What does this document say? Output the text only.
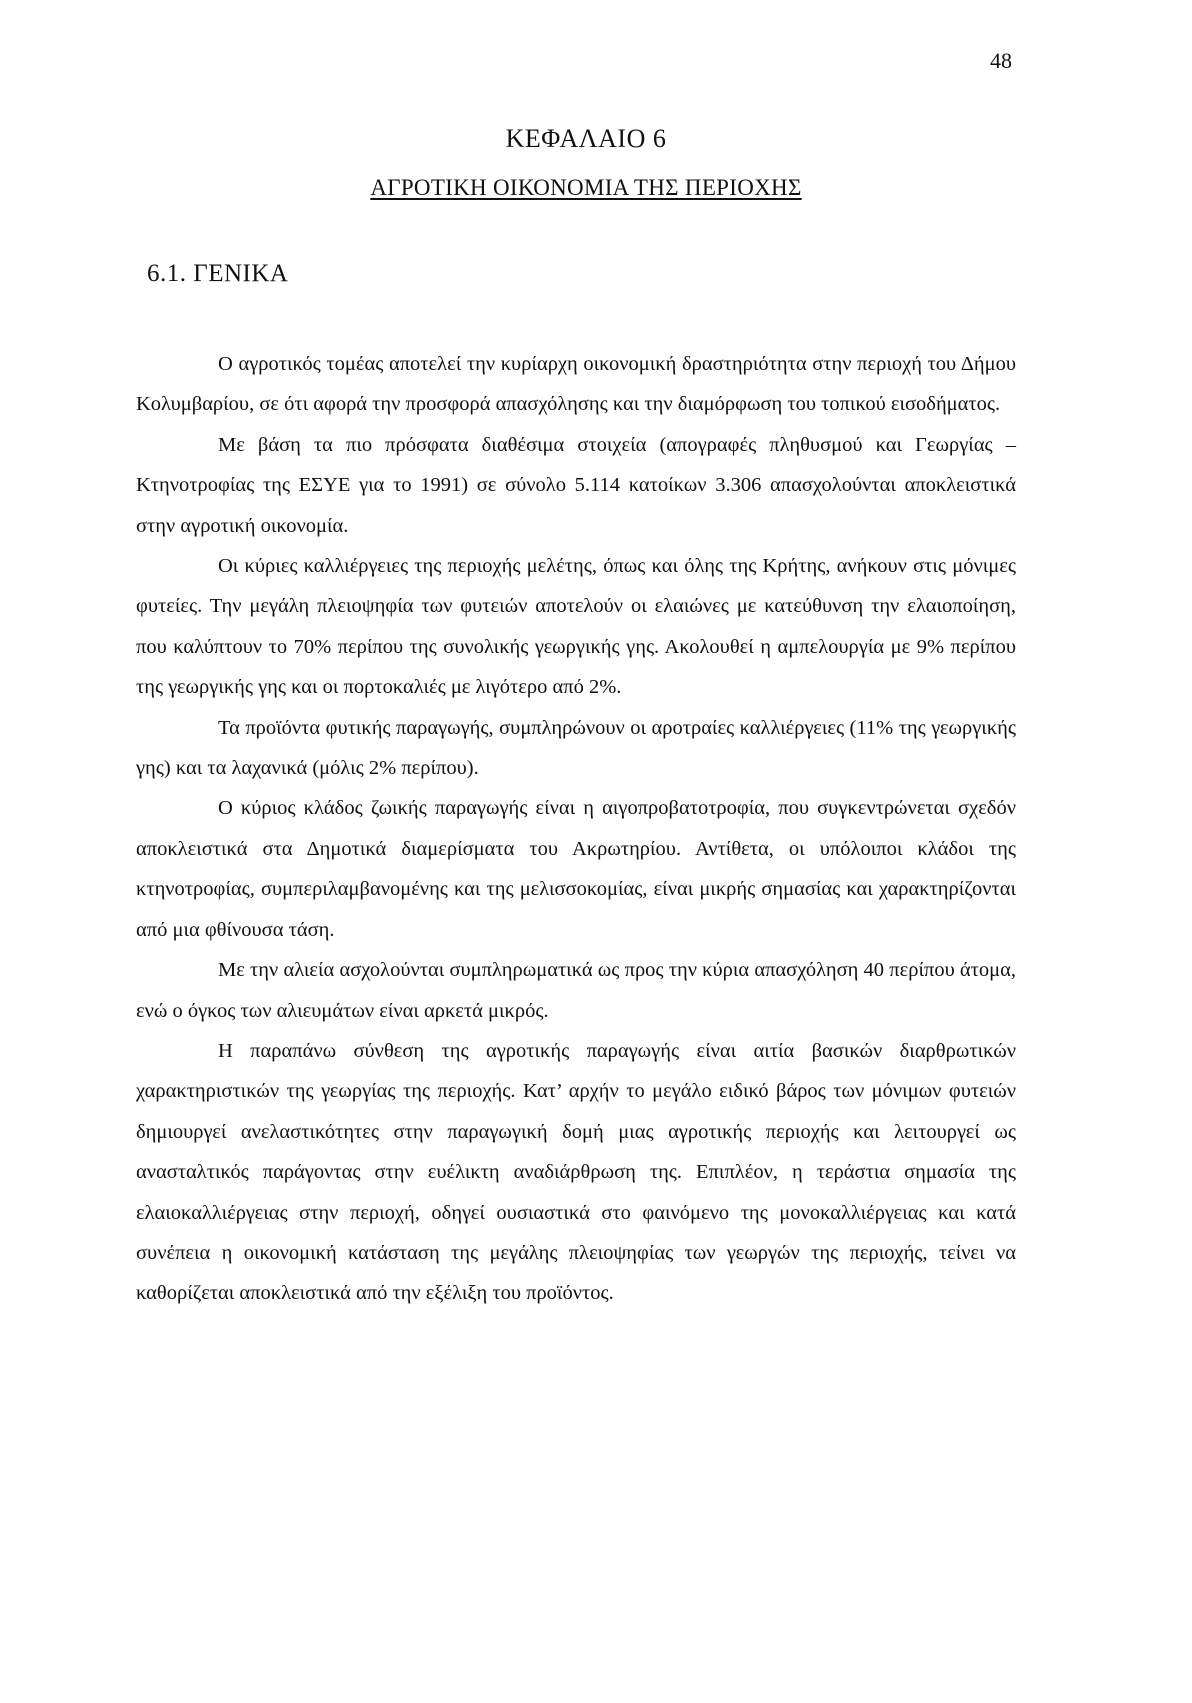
48
ΚΕΦΑΛΑΙΟ 6
ΑΓΡΟΤΙΚΗ ΟΙΚΟΝΟΜΙΑ ΤΗΣ ΠΕΡΙΟΧΗΣ
6.1. ΓΕΝΙΚΑ

Ο αγροτικός τομέας αποτελεί την κυρίαρχη οικονομική δραστηριότητα στην περιοχή του Δήμου Κολυμβαρίου, σε ότι αφορά την προσφορά απασχόλησης και την διαμόρφωση του τοπικού εισοδήματος.

Με βάση τα πιο πρόσφατα διαθέσιμα στοιχεία (απογραφές πληθυσμού και Γεωργίας – Κτηνοτροφίας της ΕΣΥΕ για το 1991) σε σύνολο 5.114 κατοίκων 3.306 απασχολούνται αποκλειστικά στην αγροτική οικονομία.

Οι κύριες καλλιέργειες της περιοχής μελέτης, όπως και όλης της Κρήτης, ανήκουν στις μόνιμες φυτείες. Την μεγάλη πλειοψηφία των φυτειών αποτελούν οι ελαιώνες με κατεύθυνση την ελαιοποίηση, που καλύπτουν το 70% περίπου της συνολικής γεωργικής γης. Ακολουθεί η αμπελουργία με 9% περίπου της γεωργικής γης και οι πορτοκαλιές με λιγότερο από 2%.

Τα προϊόντα φυτικής παραγωγής, συμπληρώνουν οι αροτραίες καλλιέργειες (11% της γεωργικής γης) και τα λαχανικά (μόλις 2% περίπου).

Ο κύριος κλάδος ζωικής παραγωγής είναι η αιγοπροβατοτροφία, που συγκεντρώνεται σχεδόν αποκλειστικά στα Δημοτικά διαμερίσματα του Ακρωτηρίου. Αντίθετα, οι υπόλοιποι κλάδοι της κτηνοτροφίας, συμπεριλαμβανομένης και της μελισσοκομίας, είναι μικρής σημασίας και χαρακτηρίζονται από μια φθίνουσα τάση.

Με την αλιεία ασχολούνται συμπληρωματικά ως προς την κύρια απασχόληση 40 περίπου άτομα, ενώ ο όγκος των αλιευμάτων είναι αρκετά μικρός.

Η παραπάνω σύνθεση της αγροτικής παραγωγής είναι αιτία βασικών διαρθρωτικών χαρακτηριστικών της γεωργίας της περιοχής. Κατ’ αρχήν το μεγάλο ειδικό βάρος των μόνιμων φυτειών δημιουργεί ανελαστικότητες στην παραγωγική δομή μιας αγροτικής περιοχής και λειτουργεί ως ανασταλτικός παράγοντας στην ευέλικτη αναδιάρθρωση της. Επιπλέον, η τεράστια σημασία της ελαιοκαλλιέργειας στην περιοχή, οδηγεί ουσιαστικά στο φαινόμενο της μονοκαλλιέργειας και κατά συνέπεια η οικονομική κατάσταση της μεγάλης πλειοψηφίας των γεωργών της περιοχής, τείνει να καθορίζεται αποκλειστικά από την εξέλιξη του προϊόντος.
